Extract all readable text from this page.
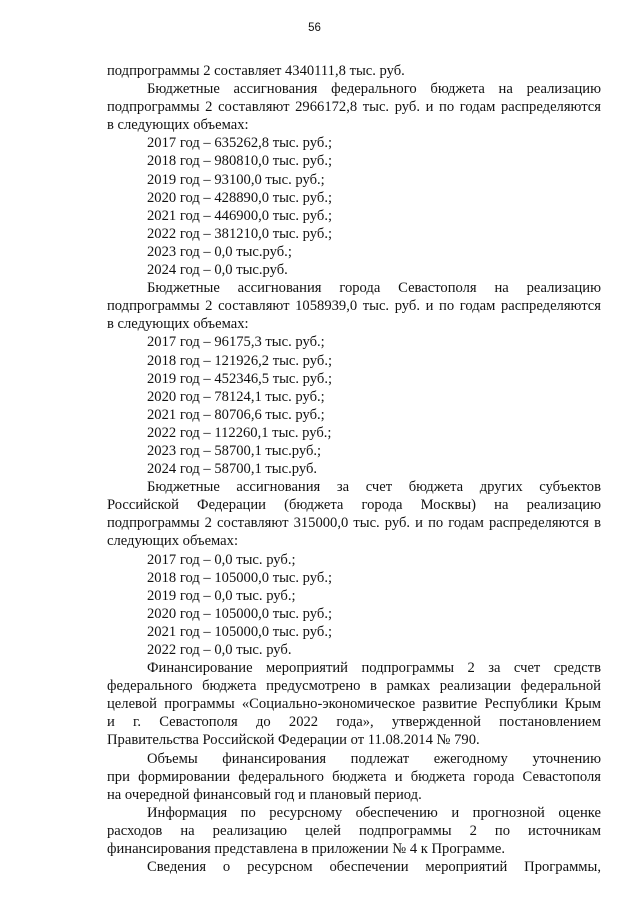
56
подпрограммы 2 составляет 4340111,8 тыс. руб.
Бюджетные ассигнования федерального бюджета на реализацию
подпрограммы 2 составляют 2966172,8 тыс. руб. и по годам распределяются
в следующих объемах:
2017 год – 635262,8 тыс. руб.;
2018 год – 980810,0 тыс. руб.;
2019 год – 93100,0 тыс. руб.;
2020 год – 428890,0 тыс. руб.;
2021 год – 446900,0 тыс. руб.;
2022 год – 381210,0 тыс. руб.;
2023 год – 0,0 тыс.руб.;
2024 год – 0,0 тыс.руб.
Бюджетные ассигнования города Севастополя на реализацию
подпрограммы 2 составляют 1058939,0 тыс. руб. и по годам распределяются
в следующих объемах:
2017 год – 96175,3 тыс. руб.;
2018 год – 121926,2 тыс. руб.;
2019 год – 452346,5 тыс. руб.;
2020 год – 78124,1 тыс. руб.;
2021 год – 80706,6 тыс. руб.;
2022 год – 112260,1 тыс. руб.;
2023 год – 58700,1 тыс.руб.;
2024 год – 58700,1 тыс.руб.
Бюджетные ассигнования за счет бюджета других субъектов
Российской Федерации (бюджета города Москвы) на реализацию
подпрограммы 2 составляют 315000,0 тыс. руб. и по годам распределяются в
следующих объемах:
2017 год – 0,0 тыс. руб.;
2018 год – 105000,0 тыс. руб.;
2019 год – 0,0 тыс. руб.;
2020 год – 105000,0 тыс. руб.;
2021 год – 105000,0 тыс. руб.;
2022 год – 0,0 тыс. руб.
Финансирование мероприятий подпрограммы 2 за счет средств
федерального бюджета предусмотрено в рамках реализации федеральной
целевой программы «Социально-экономическое развитие Республики Крым
и г. Севастополя до 2022 года», утвержденной постановлением
Правительства Российской Федерации от 11.08.2014 № 790.
Объемы финансирования подлежат ежегодному уточнению
при формировании федерального бюджета и бюджета города Севастополя
на очередной финансовый год и плановый период.
Информация по ресурсному обеспечению и прогнозной оценке
расходов на реализацию целей подпрограммы 2 по источникам
финансирования представлена в приложении № 4 к Программе.
Сведения о ресурсном обеспечении мероприятий Программы,
